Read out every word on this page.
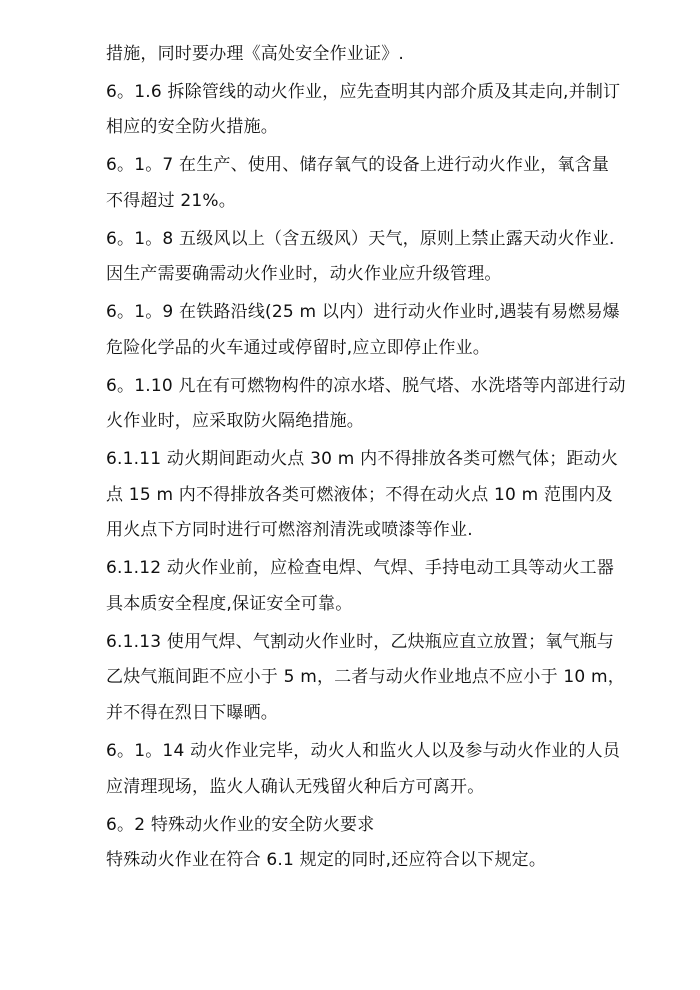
措施，同时要办理《高处安全作业证》.
6。1.6 拆除管线的动火作业，应先查明其内部介质及其走向,并制订
相应的安全防火措施。
6。1。7 在生产、使用、储存氧气的设备上进行动火作业，氧含量
不得超过 21%。
6。1。8 五级风以上（含五级风）天气，原则上禁止露天动火作业.
因生产需要确需动火作业时，动火作业应升级管理。
6。1。9 在铁路沿线(25 m 以内）进行动火作业时,遇装有易燃易爆
危险化学品的火车通过或停留时,应立即停止作业。
6。1.10 凡在有可燃物构件的凉水塔、脱气塔、水洗塔等内部进行动
火作业时，应采取防火隔绝措施。
6.1.11 动火期间距动火点 30 m 内不得排放各类可燃气体；距动火
点 15 m 内不得排放各类可燃液体；不得在动火点 10 m 范围内及
用火点下方同时进行可燃溶剂清洗或喷漆等作业.
6.1.12 动火作业前，应检查电焊、气焊、手持电动工具等动火工器
具本质安全程度,保证安全可靠。
6.1.13 使用气焊、气割动火作业时，乙炔瓶应直立放置；氧气瓶与
乙炔气瓶间距不应小于 5 m，二者与动火作业地点不应小于 10 m，
并不得在烈日下曝晒。
6。1。14 动火作业完毕，动火人和监火人以及参与动火作业的人员
应清理现场，监火人确认无残留火种后方可离开。
6。2 特殊动火作业的安全防火要求
特殊动火作业在符合 6.1 规定的同时,还应符合以下规定。
